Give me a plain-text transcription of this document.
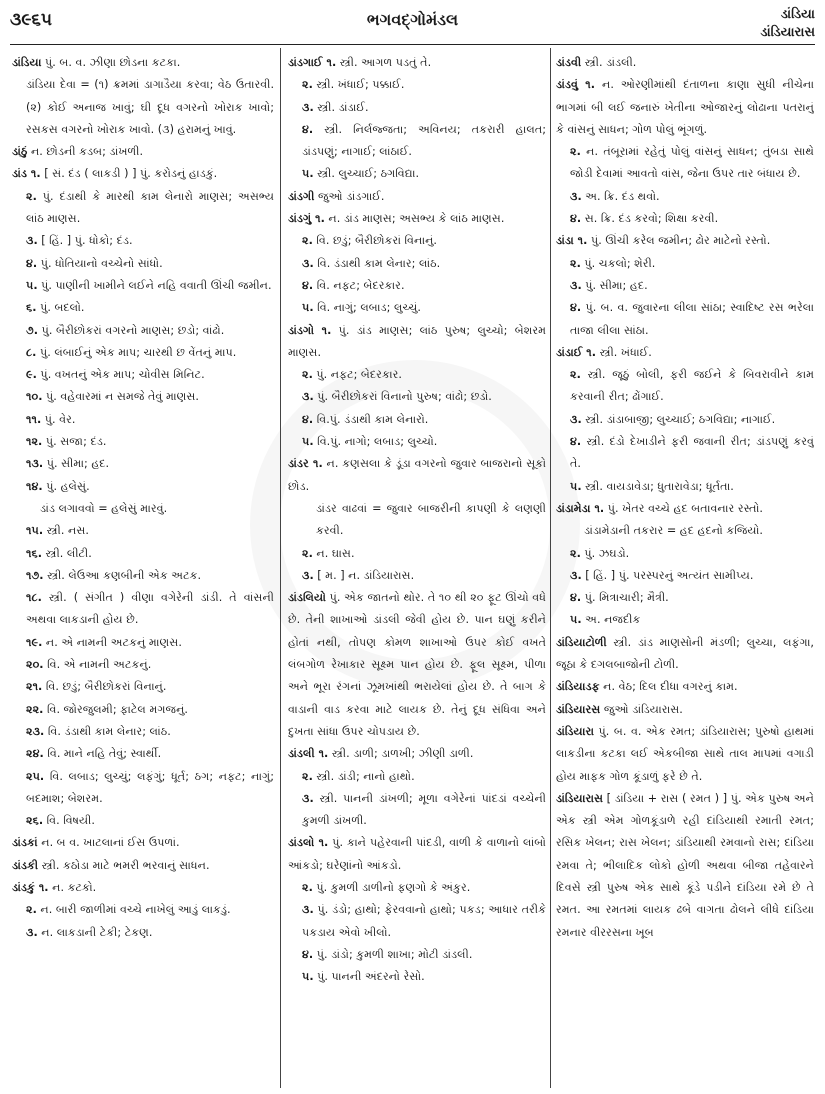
૩૯૬૫	ભગવદ્ગોમંડલ	ડાંડિયા
ડાંડિયારાસ

ડાંડિયા પું. બ. વ. ઝીણા છોડના કટકા.

ડાંડિયા દેવા = (૧) ક્રમમાં ડાગાડૈયા કરવા; વેઠ ઉતારવી. (૨) કોઈ અનાજ ખાવું; ઘી દૂધ વગરનો ખોરાક ખાવો; રસકસ વગરનો ખોરાક ખાવો. (૩) હરામનું ખાવું.

ડાંઠું ન. છોડની કડબ; ડાંખળી.

ડાંડ ૧. [ સં. દંડ ( લાકડી ) ] પું. કરોડનું હાડકું.

૨. પું. દંડાથી કે મારથી કામ લેનારો માણસ; અસભ્ય લાંઠ માણસ.

૩. [ હિં. ] પું. ધોકો; દંડ.

૪. પું. ધોતિયાનો વચ્ચેનો સાંધો.

૫. પું. પાણીની ખામીને લઈને નહિ વવાતી ઊંચી જમીન.

૬. પું. બદલો.

૭. પું. બૈરીછોકરાં વગરનો માણસ; છડો; વાંઢો.

૮. પું. લંબાઈનું એક માપ; ચારથી છ વેંતનું માપ.

૯. પું. વખતનું એક માપ; ચોવીસ મિનિટ.

૧૦. પું. વહેવારમાં ન સમજે તેવું માણસ.

૧૧. પું. વેર.

૧૨. પું. સજા; દંડ.

૧૩. પું. સીમા; હદ.

૧૪. પું. હલેસું.

ડાંડ લગાવવો = હલેસું મારવું.

૧૫. સ્ત્રી. નસ.

૧૬. સ્ત્રી. લીટી.

૧૭. સ્ત્રી. લેઉઆ કણબીની એક અટક.

૧૮. સ્ત્રી. ( સંગીત ) વીણા વગેરેની ડાંડી. તે વાંસની અથવા લાકડાની હોય છે.

૧૯. ન. એ નામની અટકનું માણસ.

૨૦. વિ. એ નામની અટકનું.

૨૧. વિ. છડું; બૈરીછોકરાં વિનાનું.

૨૨. વિ. જોરજુલમી; ફાટેલ મગજનું.

૨૩. વિ. ડંડાથી કામ લેનાર; લાંઠ.

૨૪. વિ. માને નહિ તેવું; સ્વાર્થી.

૨૫. વિ. લબાડ; લુચ્ચું; લફંગું; ધૂર્ત; ઠગ; નફટ; નાગું; બદમાશ; બેશરમ.

૨૬. વિ. વિષયી.

ડાંડકાં ન. બ વ. ખાટલાનાં ઈસ ઉપળાં.

ડાંડકી સ્ત્રી. કઠોડા માટે ભમરી ભરવાનું સાધન.

ડાંડકું ૧. ન. કટકો.

૨. ન. બારી જાળીમાં વચ્ચે નાખેલું આડું લાકડું.

૩. ન. લાકડાની ટેકી; ટેકણ.

ડાંડગાઈ ૧. સ્ત્રી. આગળ પડતું તે.

૨. સ્ત્રી. ખંધાઈ; પક્કાઈ.

૩. સ્ત્રી. ડાંડાઈ.

૪. સ્ત્રી. નિર્લજ્જતા; અવિનય; તકરારી હાલત; ડાંડપણું; નાગાઈ; લાંઠાઈ.

૫. સ્ત્રી. લુચ્ચાઈ; ઠગવિદ્યા.

ડાંડગી જુઓ ડાંડગાઈ.

ડાંડગું ૧. ન. ડાંડ માણસ; અસભ્ય કે લાંઠ માણસ.

૨. વિ. છડું; બૈરીછોકરાં વિનાનું.

૩. વિ. ડંડાથી કામ લેનાર; લાંઠ.

૪. વિ. નફટ; બેદરકાર.

૫. વિ. નાગું; લબાડ; લુચ્ચું.

ડાંડગો ૧. પું. ડાંડ માણસ; લાંઠ પુરુષ; લુચ્ચો; બેશરમ માણસ.

૨. પું. નફટ; બેદરકાર.

૩. પું. બૈરીછોકરાં વિનાનો પુરુષ; વાંઢો; છડો.

૪. વિ.પું. ડંડાથી કામ લેનારો.

૫. વિ.પું. નાગો; લબાડ; લુચ્ચો.

ડાંડર ૧. ન. કણસલા કે ડૂંડા વગરનો જુવાર બાજરાનો સૂકો છોડ.

ડાંડર વાઢવાં = જુવાર બાજરીની કાપણી કે લણણી કરવી.

૨. ન. ઘાસ.

૩. [ મ. ] ન. ડાંડિયારાસ.

ડાંડલિયો પું. એક જાતનો થોર. તે ૧૦ થી ૨૦ ફૂટ ઊંચો વધે છે. તેની શાખાઓ ડાંડલી જેવી હોય છે. પાન ઘણું કરીને હોતાં નથી, તોપણ કોમળ શાખાઓ ઉપર કોઈ વખતે લંબગોળ રેખાકાર સૂક્ષ્મ પાન હોય છે. ફૂલ સૂક્ષ્મ, પીળા અને ભૂરા રંગનાં ઝૂમખાંથી ભરાયેલાં હોય છે. તે બાગ કે વાડાની વાડ કરવા માટે લાયક છે. તેનું દૂધ સંધિવા અને દુખતા સાંધા ઉપર ચોપડાય છે.

ડાંડલી ૧. સ્ત્રી. ડાળી; ડાળખી; ઝીણી ડાળી.

૨. સ્ત્રી. ડાંડી; નાનો હાથો.

૩. સ્ત્રી. પાનની ડાંખળી; મૂળા વગેરેનાં પાંદડાં વચ્ચેની કુમળી ડાંખળી.

ડાંડલો ૧. પું. કાને પહેરવાની પાંદડી, વાળી કે વાળાનો લાંબો આંકડો; ઘરેણાંનો આંકડો.

૨. પું. કુમળી ડાળીનો ફણગો કે અંકુર.

૩. પું. ડંડો; હાથો; ફેરવવાનો હાથો; પકડ; આધાર તરીકે પકડાય એવો ખીલો.

૪. પું. ડાંડો; કુમળી શાખા; મોટી ડાંડલી.

૫. પું. પાનની અંદરનો રેસો.

ડાંડવી સ્ત્રી. ડાંડલી.

ડાંડવું ૧. ન. ઓરણીમાંથી દંતાળના કાણા સુધી નીચેના ભાગમાં બી લઈ જનારું ખેતીના ઓજારનું લોઢાના પતરાનું કે વાંસનું સાધન; ગોળ પોલું ભૂંગળું.

૨. ન. તંબૂરામાં રહેતું પોલું વાંસનું સાધન; તુંબડા સાથે જોડી દેવામાં આવતો વાંસ, જેના ઉપર તાર બંધાય છે.

૩. અ. ક્રિ. દંડ થવો.

૪. સ. ક્રિ. દંડ કરવો; શિક્ષા કરવી.

ડાંડા ૧. પું. ઊંચી કરેલ જમીન; ઢોર માટેનો રસ્તો.

૨. પું. ચકલો; શેરી.

૩. પું. સીમા; હદ.

૪. પું. બ. વ. જુવારના લીલા સાંઠા; સ્વાદિષ્ટ રસ ભરેલા તાજા લીલા સાંઠા.

ડાંડાઈ ૧. સ્ત્રી. ખંધાઈ.

૨. સ્ત્રી. જૂઠું બોલી, ફરી જઈને કે બિવરાવીને કામ કરવાની રીત; ઢોંગાઈ.

૩. સ્ત્રી. ડાંડાબાજી; લુચ્ચાઈ; ઠગવિદ્યા; નાગાઈ.

૪. સ્ત્રી. દંડો દેખાડીને ફરી જવાની રીત; ડાંડપણું કરવું તે.

૫. સ્ત્રી. વાયડાવેડા; ધુતારાવેડા; ધૂર્તતા.

ડાંડામેડા ૧. પું. ખેતર વચ્ચે હદ બતાવનાર રસ્તો.

ડાંડામેડાની તકરાર = હદ હદનો કજિયો.

૨. પું. ઝઘડો.

૩. [ હિં. ] પું. પરસ્પરનું અત્યંત સામીપ્ય.

૪. પું. મિત્રાચારી; મૈત્રી.

૫. અ. નજદીક

ડાંડિયાટોળી સ્ત્રી. ડાંડ માણસોની મંડળી; લુચ્ચા, લફંગા, જૂઠા કે દગલબાજોની ટોળી.

ડાંડિયાડફ ન. વેઠ; દિલ દીધા વગરનું કામ.

ડાંડિયારસ જુઓ ડાંડિયારાસ.

ડાંડિયારા પું. બ. વ. એક રમત; ડાંડિયારાસ; પુરુષો હાથમાં લાકડીના કટકા લઈ એકબીજા સાથે તાલ માપમાં વગાડી હોય માફક ગોળ કૂંડાળું ફરે છે તે.

ડાંડિયારાસ [ ડાંડિયા + રાસ ( રમત ) ] પું. એક પુરુષ અને એક સ્ત્રી એમ ગોળકૂંડાળે રહી દાંડિયાથી રમાતી રમત; રસિક ખેલન; રાસ ખેલન; ડાંડિયાથી રમવાનો રાસ; દાંડિયા રમવા તે; ભીલાદિક લોકો હોળી અથવા બીજા તહેવારને દિવસે સ્ત્રી પુરુષ એક સાથે કૂંડે પડીને દાંડિયા રમે છે તે રમત. આ રમતમાં લાયક ઢબે વાગતા ઢોલને લીધે દાંડિયા રમનાર વીરરસના ખૂબ
